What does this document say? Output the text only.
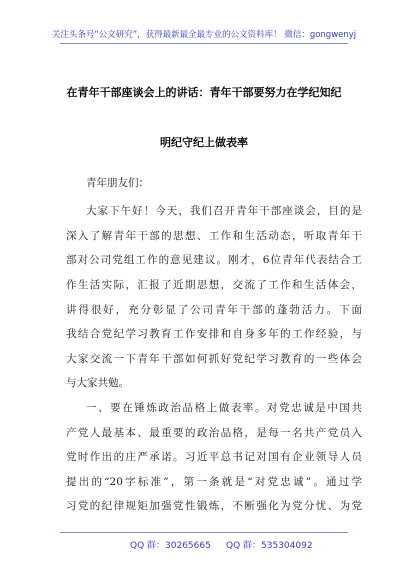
关注头条号“公文研究”，获得最新最全最专业的公文资料库！ 微信：gongwenyj
在青年干部座谈会上的讲话：青年干部要努力在学纪知纪
明纪守纪上做表率
青年朋友们：
大家下午好！今天，我们召开青年干部座谈会，目的是
深入了解青年干部的思想、工作和生活动态，听取青年干
部对公司党组工作的意见建议。刚才，6位青年代表结合工
作生活实际，汇报了近期思想，交流了工作和生活体会，
讲得很好，充分彰显了公司青年干部的蓬勃活力。下面
我结合党纪学习教育工作安排和自身多年的工作经验，与
大家交流一下青年干部如何抓好党纪学习教育的一些体会
与大家共勉。
一、要在锤炼政治品格上做表率。对党忠诚是中国共
产党人最基本、最重要的政治品格，是每一名共产党员入
党时作出的庄严承诺。习近平总书记对国有企业领导人员
提出的“20字标准”，第一条就是“对党忠诚”。通过学
习党的纪律规矩加强党性锻炼，不断强化为党分忧、为党
QQ 群：30265665 QQ 群：535304092
